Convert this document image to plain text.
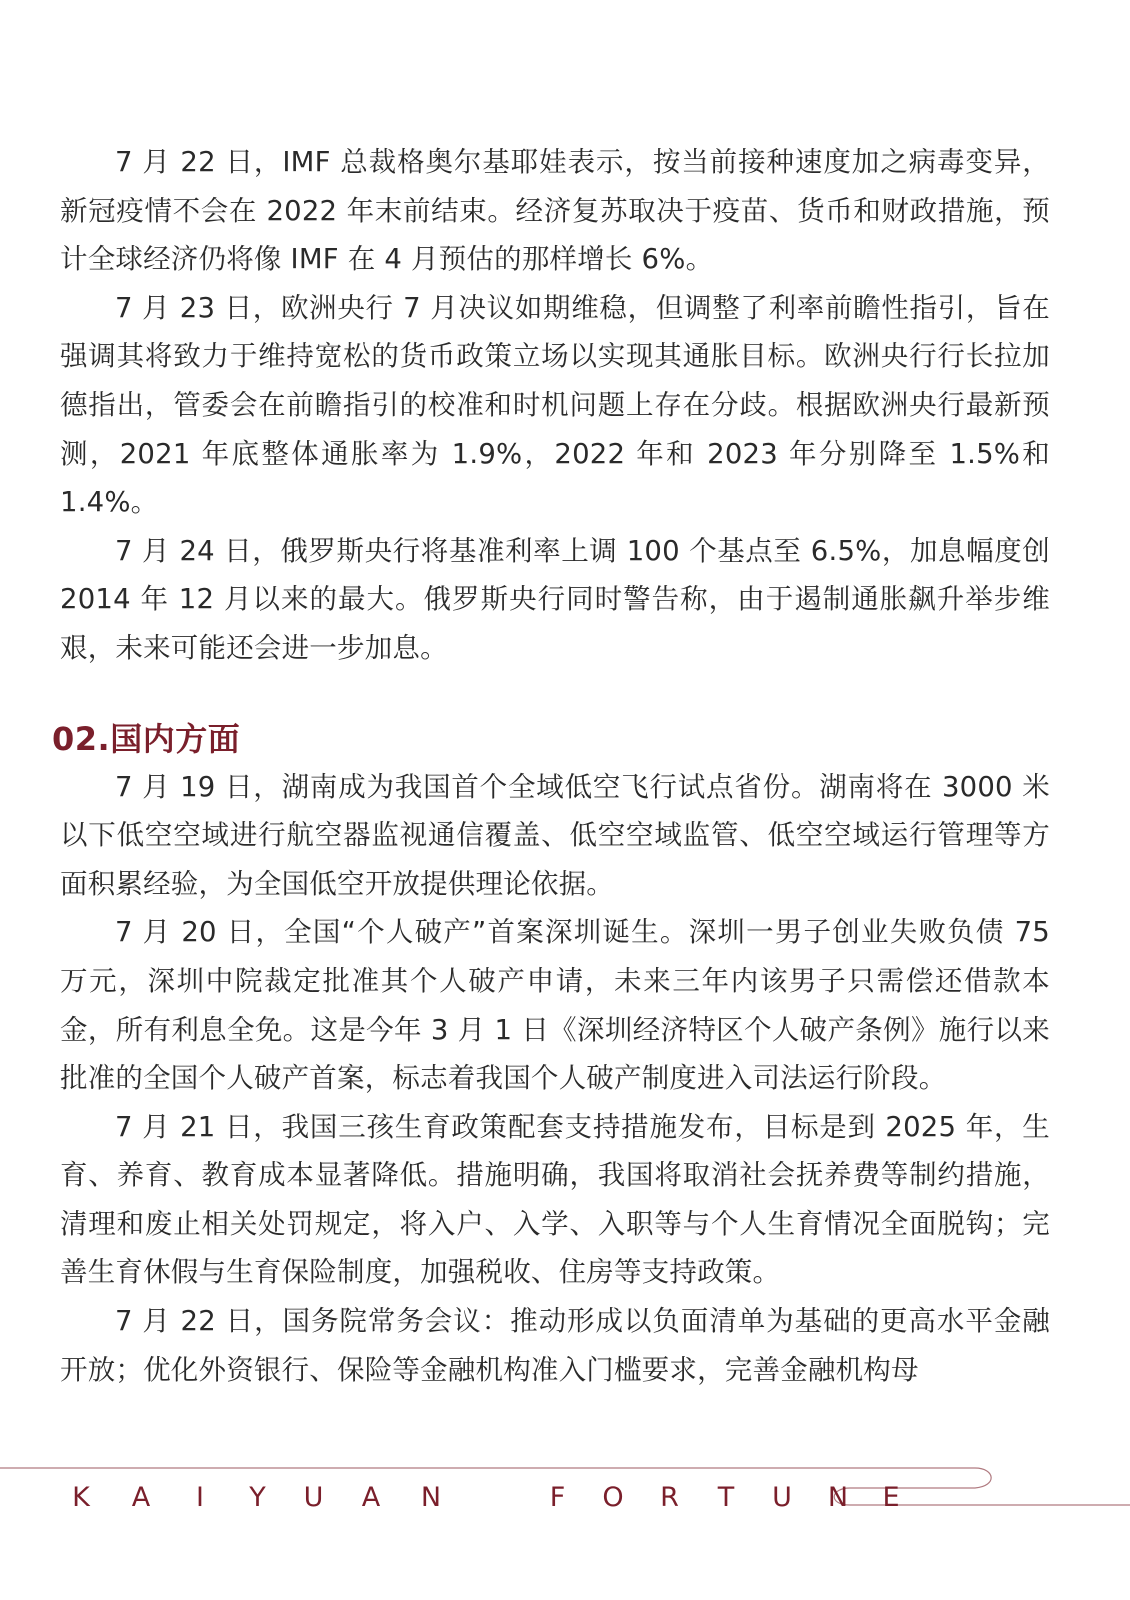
7 月 22 日，IMF 总裁格奥尔基耶娃表示，按当前接种速度加之病毒变异，新冠疫情不会在 2022 年末前结束。经济复苏取决于疫苗、货币和财政措施，预计全球经济仍将像 IMF 在 4 月预估的那样增长 6%。

7 月 23 日，欧洲央行 7 月决议如期维稳，但调整了利率前瞻性指引，旨在强调其将致力于维持宽松的货币政策立场以实现其通胀目标。欧洲央行行长拉加德指出，管委会在前瞻指引的校准和时机问题上存在分歧。根据欧洲央行最新预测，2021 年底整体通胀率为 1.9%，2022 年和 2023 年分别降至 1.5%和 1.4%。

7 月 24 日，俄罗斯央行将基准利率上调 100 个基点至 6.5%，加息幅度创 2014 年 12 月以来的最大。俄罗斯央行同时警告称，由于遏制通胀飙升举步维艰，未来可能还会进一步加息。

02.国内方面

7 月 19 日，湖南成为我国首个全域低空飞行试点省份。湖南将在 3000 米以下低空空域进行航空器监视通信覆盖、低空空域监管、低空空域运行管理等方面积累经验，为全国低空开放提供理论依据。

7 月 20 日，全国“个人破产”首案深圳诞生。深圳一男子创业失败负债 75 万元，深圳中院裁定批准其个人破产申请，未来三年内该男子只需偿还借款本金，所有利息全免。这是今年 3 月 1 日《深圳经济特区个人破产条例》施行以来批准的全国个人破产首案，标志着我国个人破产制度进入司法运行阶段。

7 月 21 日，我国三孩生育政策配套支持措施发布，目标是到 2025 年，生育、养育、教育成本显著降低。措施明确，我国将取消社会抚养费等制约措施，清理和废止相关处罚规定，将入户、入学、入职等与个人生育情况全面脱钩；完善生育休假与生育保险制度，加强税收、住房等支持政策。

7 月 22 日，国务院常务会议：推动形成以负面清单为基础的更高水平金融开放；优化外资银行、保险等金融机构准入门槛要求，完善金融机构母

K	A	I	Y	U	A	N	F	O	R	T	U	N	E
